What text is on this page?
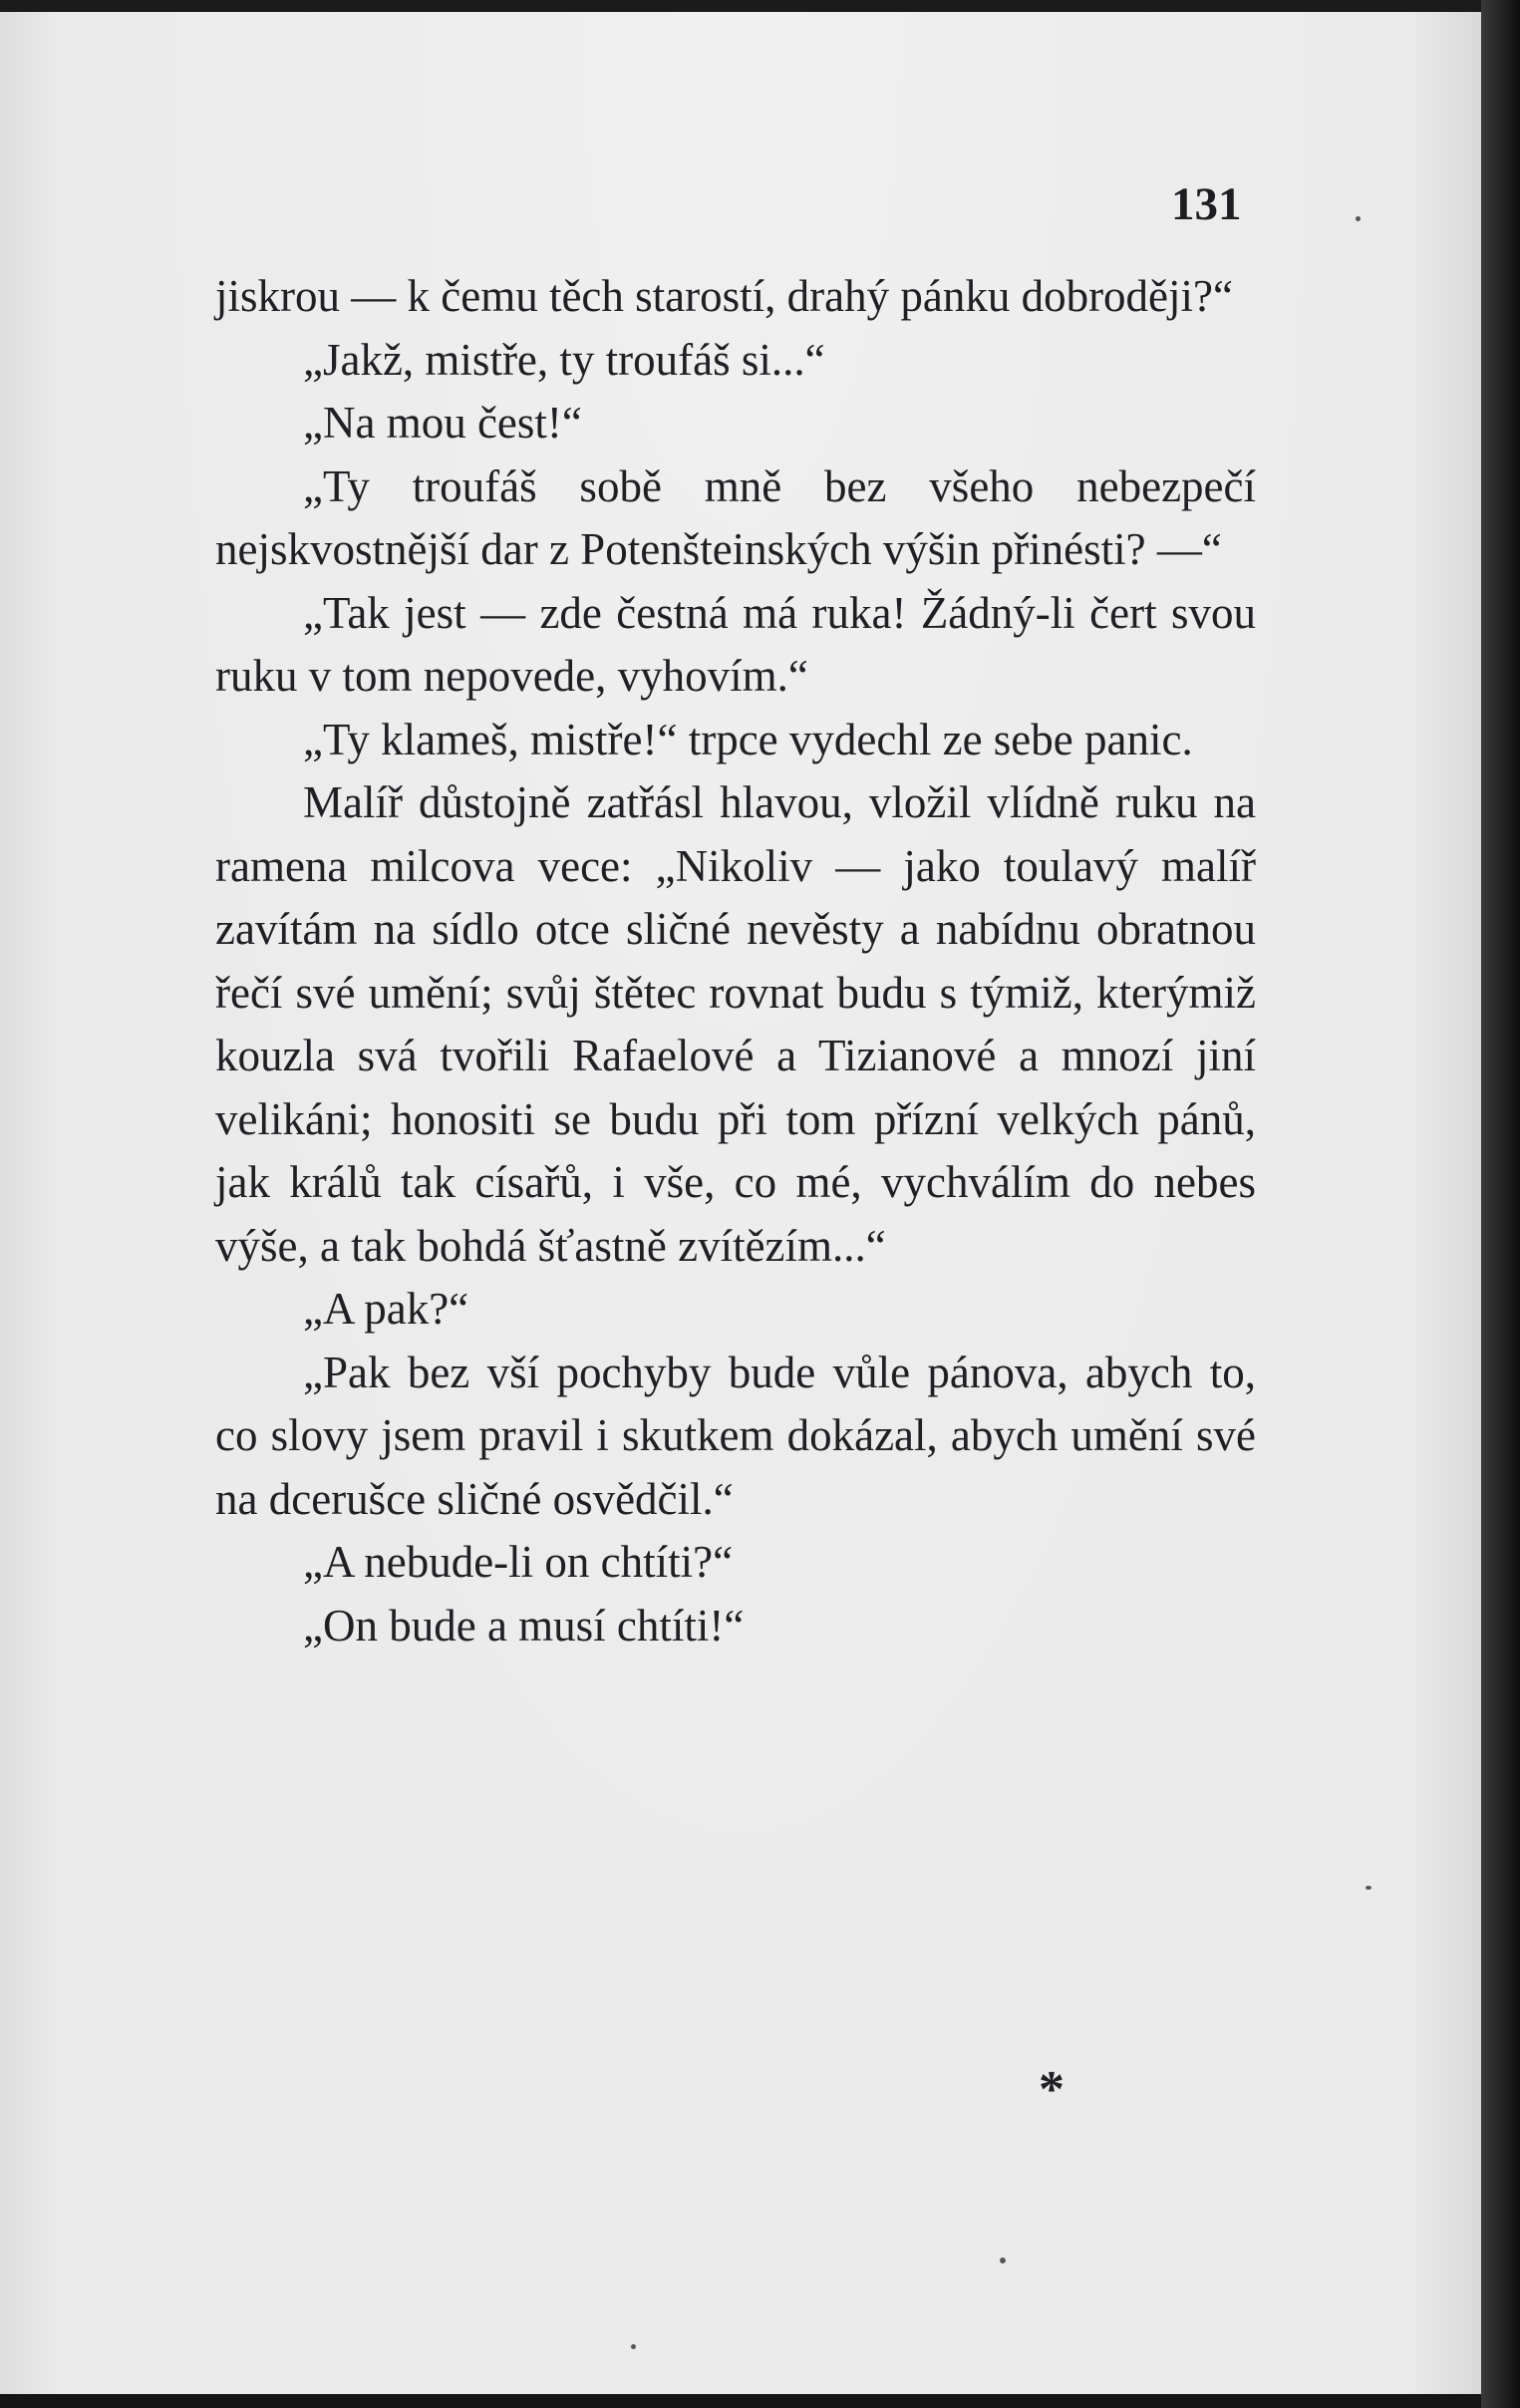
131

jiskrou — k čemu těch starostí, drahý pánku dobroději?“

„Jakž, mistře, ty troufáš si...“

„Na mou čest!“

„Ty troufáš sobě mně bez všeho nebezpečí nejskvostnější dar z Potenšteinských výšin přinésti? —“

„Tak jest — zde čestná má ruka! Žádný-li čert svou ruku v tom nepovede, vyhovím.“

„Ty klameš, mistře!“ trpce vydechl ze sebe panic.

Malíř důstojně zatřásl hlavou, vložil vlídně ruku na ramena milcova vece: „Nikoliv — jako toulavý malíř zavítám na sídlo otce sličné nevěsty a nabídnu obratnou řečí své umění; svůj štětec rovnat budu s týmiž, kterýmiž kouzla svá tvořili Rafaelové a Tizianové a mnozí jiní velikáni; honositi se budu při tom přízní velkých pánů, jak králů tak císařů, i vše, co mé, vychválím do nebes výše, a tak bohdá šťastně zvítězím...“

„A pak?“

„Pak bez vší pochyby bude vůle pánova, abych to, co slovy jsem pravil i skutkem dokázal, abych umění své na dcerušce sličné osvědčil.“

„A nebude-li on chtíti?“

„On bude a musí chtíti!“

*
